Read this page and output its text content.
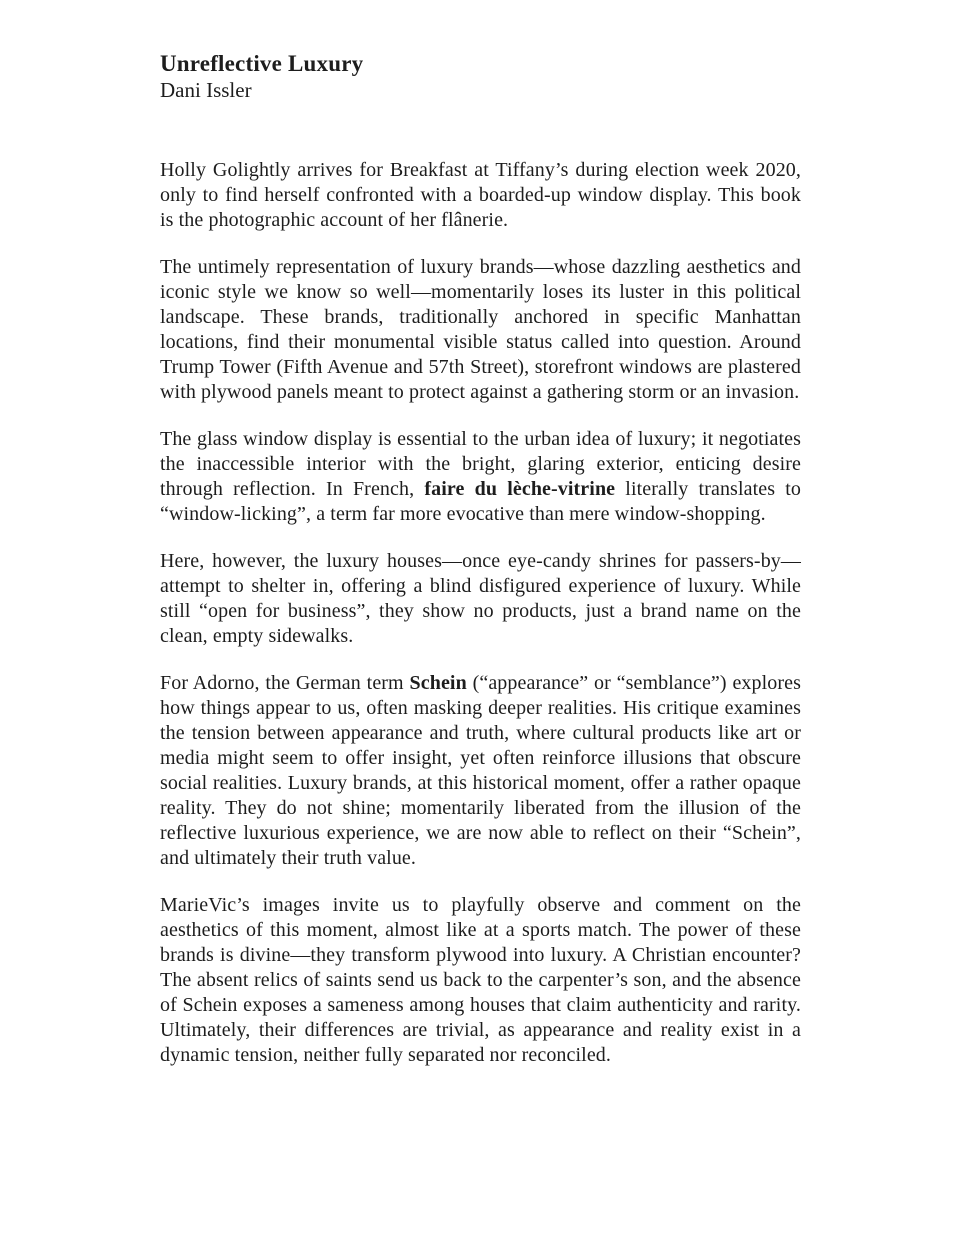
Unreflective Luxury
Dani Issler

Holly Golightly arrives for Breakfast at Tiffany’s during election week 2020, only to find herself confronted with a boarded-up window display. This book is the photographic account of her flânerie.

The untimely representation of luxury brands—whose dazzling aesthetics and iconic style we know so well—momentarily loses its luster in this political landscape. These brands, traditionally anchored in specific Manhattan locations, find their monumental visible status called into question. Around Trump Tower (Fifth Avenue and 57th Street), storefront windows are plastered with plywood panels meant to protect against a gathering storm or an invasion.

The glass window display is essential to the urban idea of luxury; it negotiates the inaccessible interior with the bright, glaring exterior, enticing desire through reflection. In French, faire du lèche-vitrine literally translates to “window-licking”, a term far more evocative than mere window-shopping.

Here, however, the luxury houses—once eye-candy shrines for passers-by—attempt to shelter in, offering a blind disfigured experience of luxury. While still “open for business”, they show no products, just a brand name on the clean, empty sidewalks.

For Adorno, the German term Schein (“appearance” or “semblance”) explores how things appear to us, often masking deeper realities. His critique examines the tension between appearance and truth, where cultural products like art or media might seem to offer insight, yet often reinforce illusions that obscure social realities. Luxury brands, at this historical moment, offer a rather opaque reality. They do not shine; momentarily liberated from the illusion of the reflective luxurious experience, we are now able to reflect on their “Schein”, and ultimately their truth value.

MarieVic’s images invite us to playfully observe and comment on the aesthetics of this moment, almost like at a sports match. The power of these brands is divine—they transform plywood into luxury. A Christian encounter? The absent relics of saints send us back to the carpenter’s son, and the absence of Schein exposes a sameness among houses that claim authenticity and rarity. Ultimately, their differences are trivial, as appearance and reality exist in a dynamic tension, neither fully separated nor reconciled.
